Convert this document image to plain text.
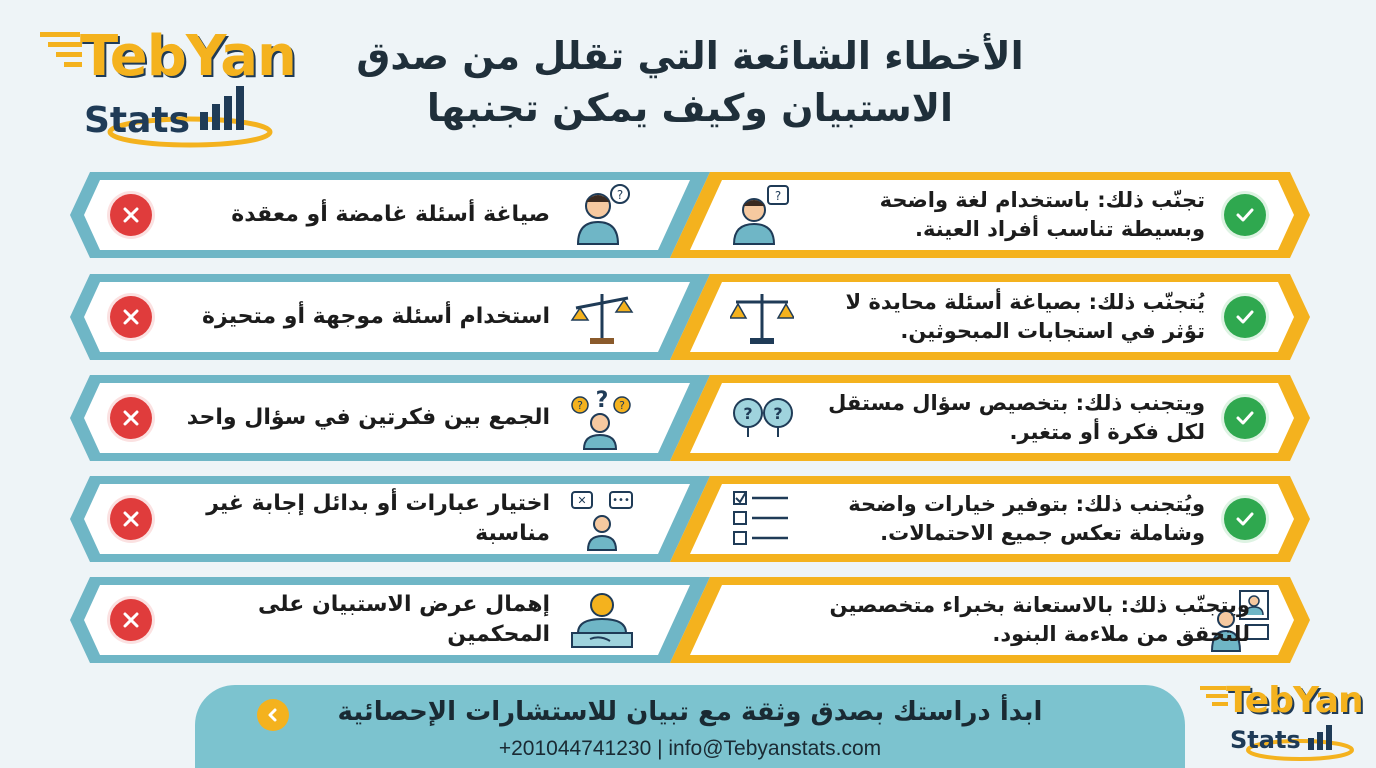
TebYan
Stats
الأخطاء الشائعة التي تقلل من صدق الاستبيان وكيف يمكن تجنبها
صياغة أسئلة غامضة أو معقدة
?	?	تجنّب ذلك: باستخدام لغة واضحة وبسيطة تناسب أفراد العينة.
استخدام أسئلة موجهة أو متحيزة
يُتجنّب ذلك: بصياغة أسئلة محايدة لا تؤثر في استجابات المبحوثين.
الجمع بين فكرتين في سؤال واحد ?	?
?
? ?	ويتجنب ذلك: بتخصيص سؤال مستقل لكل فكرة أو متغير.
اختيار عبارات أو بدائل إجابة غير مناسبة
✕	•••	ويُتجنب ذلك: بتوفير خيارات واضحة وشاملة تعكس جميع الاحتمالات.
إهمال عرض الاستبيان على المحكمين
ويتجنّب ذلك: بالاستعانة بخبراء متخصصين للتحقق من ملاءمة البنود.
ابدأ دراستك بصدق وثقة مع تبيان للاستشارات الإحصائية
+201044741230 | info@Tebyanstats.com
TebYan
Stats
